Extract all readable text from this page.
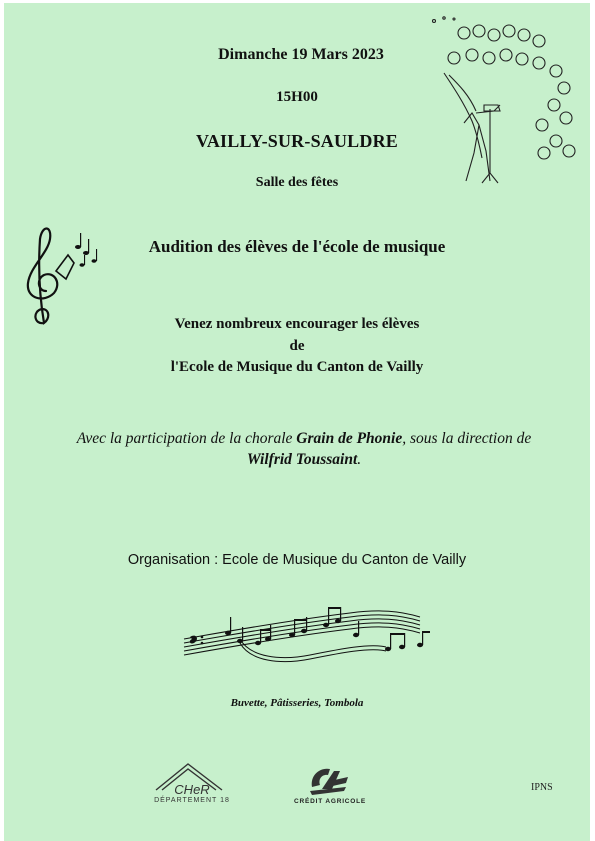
Dimanche 19 Mars 2023
15H00
VAILLY-SUR-SAULDRE
Salle des fêtes
Audition des élèves de l'école de musique
Venez nombreux encourager les élèves
de
l'Ecole de Musique du Canton de Vailly
Avec la participation de la chorale Grain de Phonie, sous la direction de
Wilfrid Toussaint.
Organisation : Ecole de Musique du Canton de Vailly
Buvette, Pâtisseries, Tombola
CHeR
DÉPARTEMENT 18	CRÉDIT AGRICOLE
IPNS
